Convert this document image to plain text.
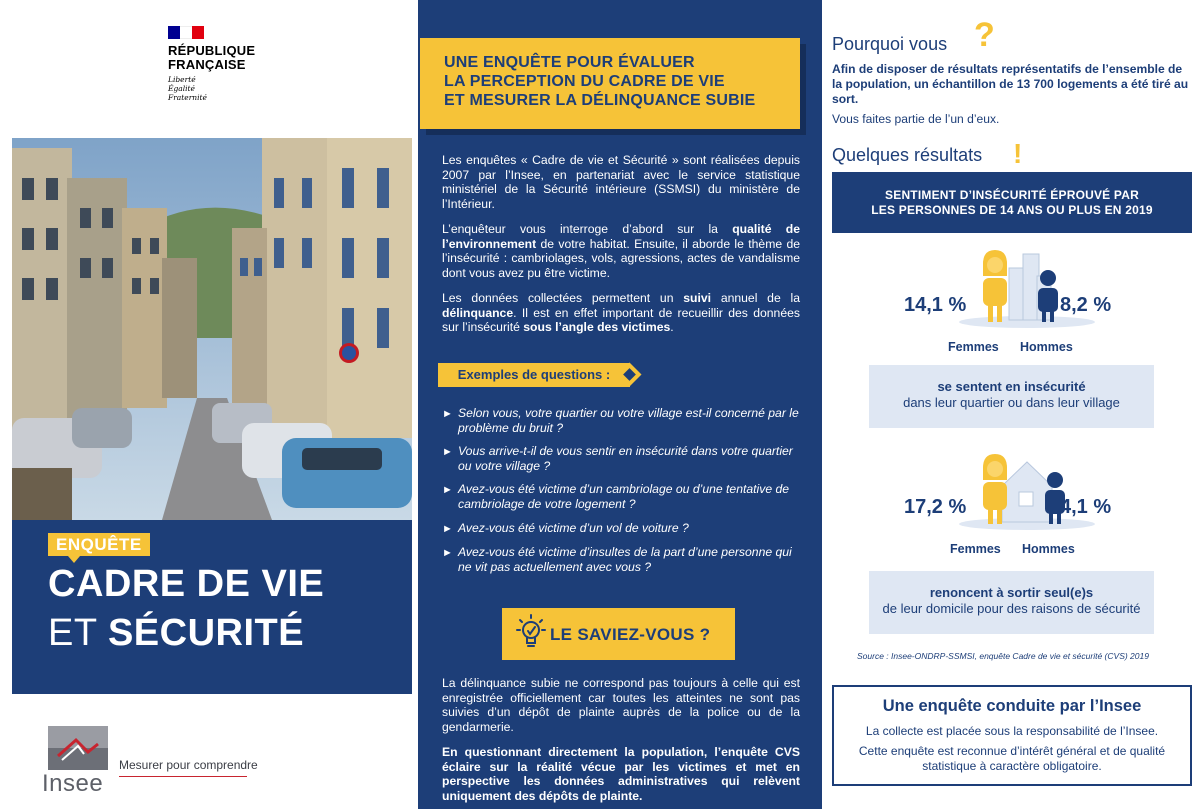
RÉPUBLIQUE
FRANÇAISE
Liberté
Égalité
Fraternité
ENQUÊTE
CADRE DE VIE
ET SÉCURITÉ
Insee
Mesurer pour comprendre
UNE ENQUÊTE POUR ÉVALUER
LA PERCEPTION DU CADRE DE VIE
ET MESURER LA DÉLINQUANCE SUBIE

Les enquêtes « Cadre de vie et Sécurité » sont réalisées depuis 2007 par l’Insee, en partenariat avec le service statistique ministériel de la Sécurité intérieure (SSMSI) du ministère de l’Intérieur.

L’enquêteur vous interroge d’abord sur la qualité de l’environnement de votre habitat. Ensuite, il aborde le thème de l’insécurité : cambriolages, vols, agressions, actes de vandalisme dont vous avez pu être victime.

Les données collectées permettent un suivi annuel de la délinquance. Il est en effet important de recueillir des données sur l’insécurité sous l’angle des victimes.

Exemples de questions :
► Selon vous, votre quartier ou votre village est-il concerné par le problème du bruit ?
► Vous arrive-t-il de vous sentir en insécurité dans votre quartier ou votre village ?
► Avez-vous été victime d’un cambriolage ou d’une tentative de cambriolage de votre logement ?
► Avez-vous été victime d’un vol de voiture ?
► Avez-vous été victime d’insultes de la part d’une personne qui ne vit pas actuellement avec vous ?
LE SAVIEZ-VOUS ?

La délinquance subie ne correspond pas toujours à celle qui est enregistrée officiellement car toutes les atteintes ne sont pas suivies d’un dépôt de plainte auprès de la police ou de la gendarmerie.

En questionnant directement la population, l’enquête CVS éclaire sur la réalité vécue par les victimes et met en perspective les données administratives qui relèvent uniquement des dépôts de plainte.

Pourquoi vous ?

Afin de disposer de résultats représentatifs de l’ensemble de la population, un échantillon de 13 700 logements a été tiré au sort.

Vous faites partie de l’un d’eux.

Quelques résultats !
SENTIMENT D’INSÉCURITÉ ÉPROUVÉ PAR
LES PERSONNES DE 14 ANS OU PLUS EN 2019
14,1 %	8,2 %
Femmes Hommes
se sentent en insécurité
dans leur quartier ou dans leur village
17,2 %	4,1 %
Femmes Hommes
renoncent à sortir seul(e)s
de leur domicile pour des raisons de sécurité
Source : Insee-ONDRP-SSMSI, enquête Cadre de vie et sécurité (CVS) 2019
Une enquête conduite par l’Insee
La collecte est placée sous la responsabilité de l’Insee.
Cette enquête est reconnue d’intérêt général et de qualité
statistique à caractère obligatoire.
